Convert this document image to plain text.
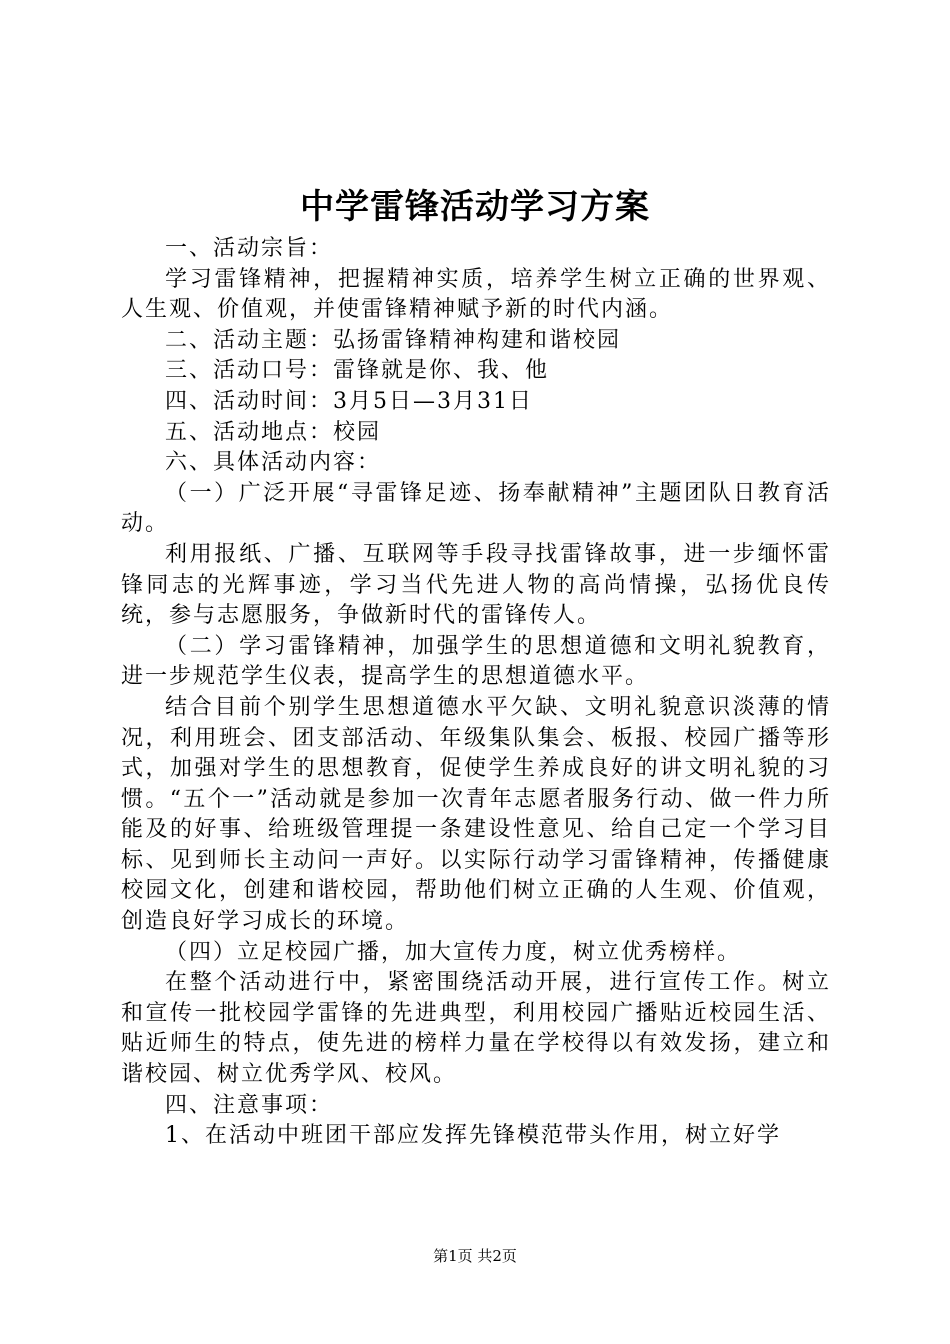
中学雷锋活动学习方案

一、活动宗旨：

学习雷锋精神，把握精神实质，培养学生树立正确的世界观、人生观、价值观，并使雷锋精神赋予新的时代内涵。

二、活动主题：弘扬雷锋精神构建和谐校园

三、活动口号：雷锋就是你、我、他

四、活动时间：3月5日—3月31日

五、活动地点：校园

六、具体活动内容：

（一）广泛开展“寻雷锋足迹、扬奉献精神”主题团队日教育活动。

利用报纸、广播、互联网等手段寻找雷锋故事，进一步缅怀雷锋同志的光辉事迹，学习当代先进人物的高尚情操，弘扬优良传统，参与志愿服务，争做新时代的雷锋传人。

（二）学习雷锋精神，加强学生的思想道德和文明礼貌教育，进一步规范学生仪表，提高学生的思想道德水平。

结合目前个别学生思想道德水平欠缺、文明礼貌意识淡薄的情况，利用班会、团支部活动、年级集队集会、板报、校园广播等形式，加强对学生的思想教育，促使学生养成良好的讲文明礼貌的习惯。“五个一”活动就是参加一次青年志愿者服务行动、做一件力所能及的好事、给班级管理提一条建设性意见、给自己定一个学习目标、见到师长主动问一声好。以实际行动学习雷锋精神，传播健康校园文化，创建和谐校园，帮助他们树立正确的人生观、价值观，创造良好学习成长的环境。

（四）立足校园广播，加大宣传力度，树立优秀榜样。

在整个活动进行中，紧密围绕活动开展，进行宣传工作。树立和宣传一批校园学雷锋的先进典型，利用校园广播贴近校园生活、贴近师生的特点，使先进的榜样力量在学校得以有效发扬，建立和谐校园、树立优秀学风、校风。

四、注意事项：

1、在活动中班团干部应发挥先锋模范带头作用，树立好学

第1页 共2页
